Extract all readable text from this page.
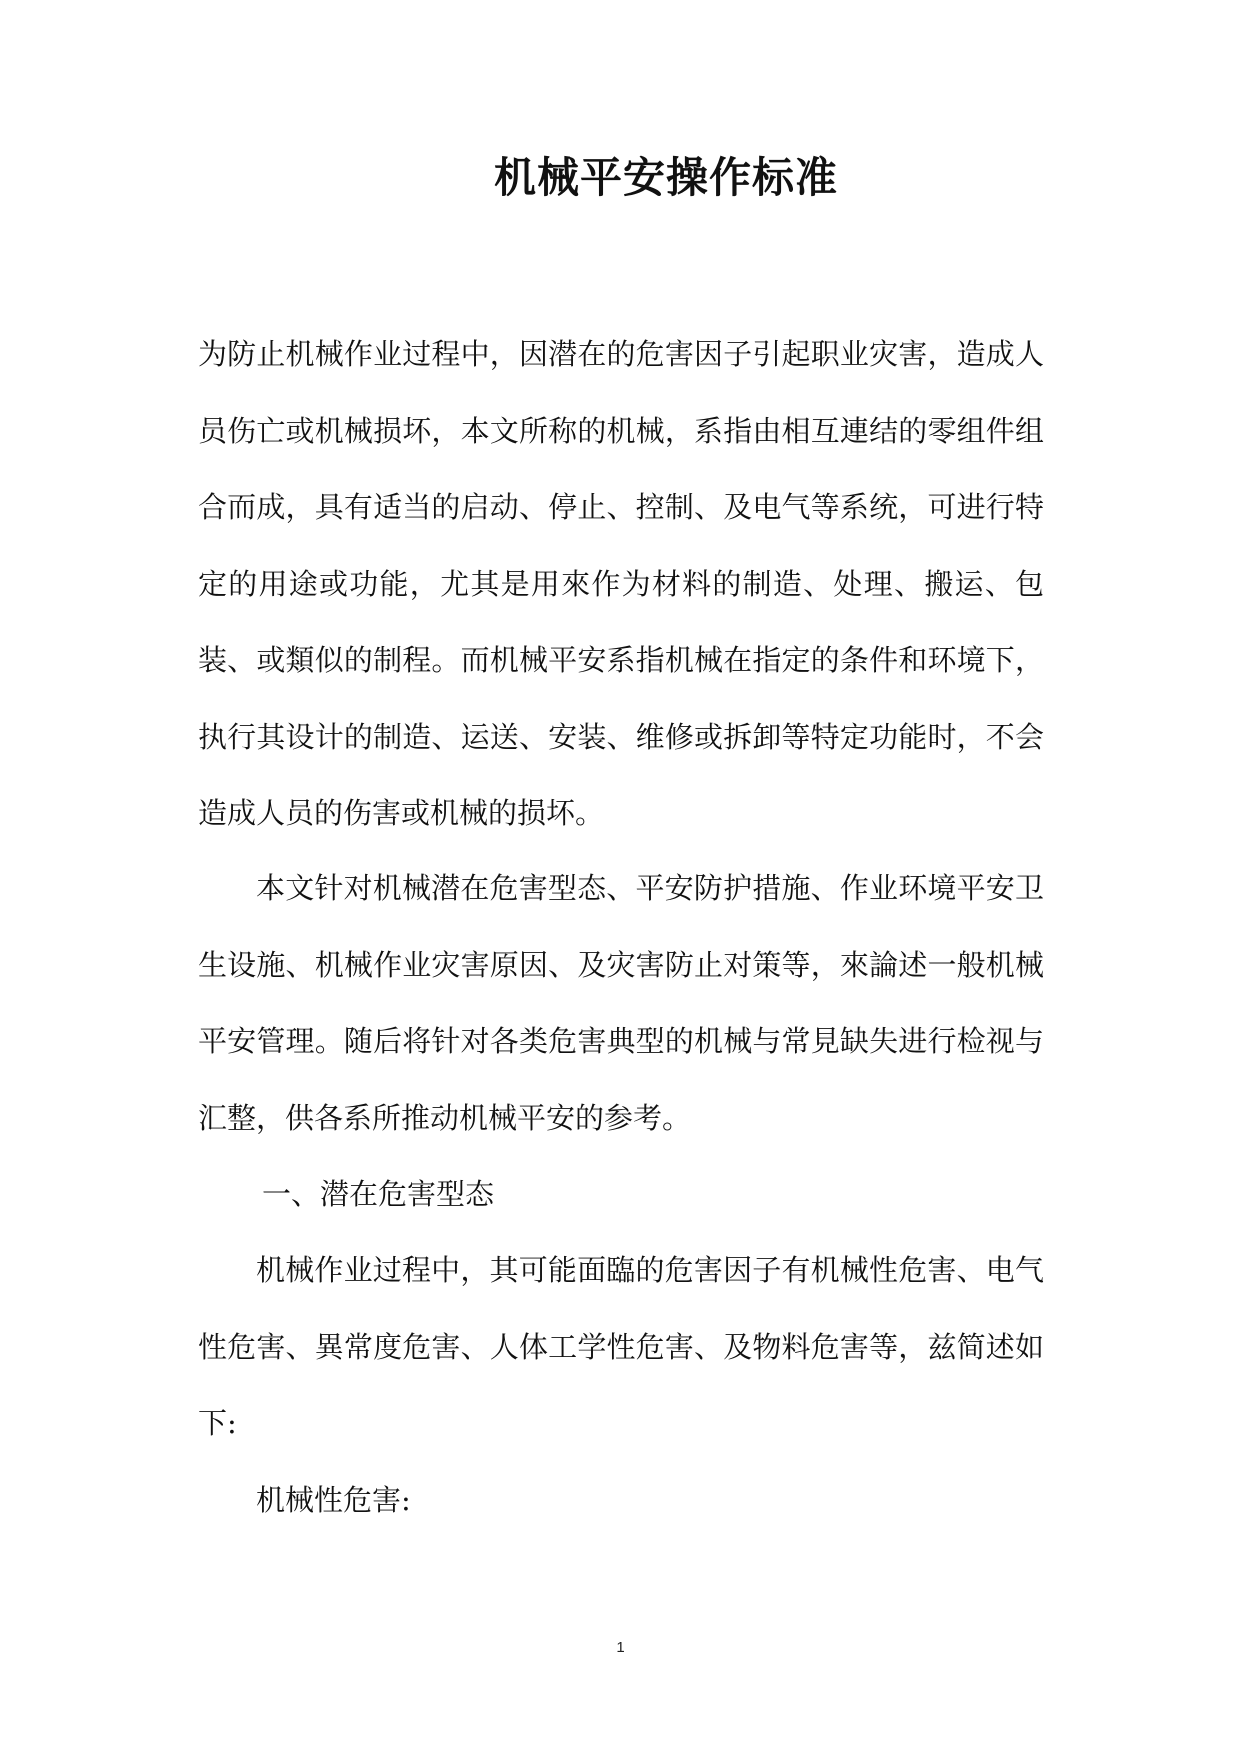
机械平安操作标准

为防止机械作业过程中，因潜在的危害因子引起职业灾害，造成人员伤亡或机械损坏，本文所称的机械，系指由相互連结的零组件组合而成，具有适当的启动、停止、控制、及电气等系统，可进行特定的用途或功能，尤其是用來作为材料的制造、处理、搬运、包装、或類似的制程。而机械平安系指机械在指定的条件和环境下，执行其设计的制造、运送、安装、维修或拆卸等特定功能时，不会造成人员的伤害或机械的损坏。

本文针对机械潜在危害型态、平安防护措施、作业环境平安卫生设施、机械作业灾害原因、及灾害防止对策等，來論述一般机械平安管理。随后将针对各类危害典型的机械与常見缺失进行检视与汇整，供各系所推动机械平安的参考。

一、潜在危害型态

机械作业过程中，其可能面臨的危害因子有机械性危害、电气性危害、異常度危害、人体工学性危害、及物料危害等，兹简述如下:

机械性危害:

1
